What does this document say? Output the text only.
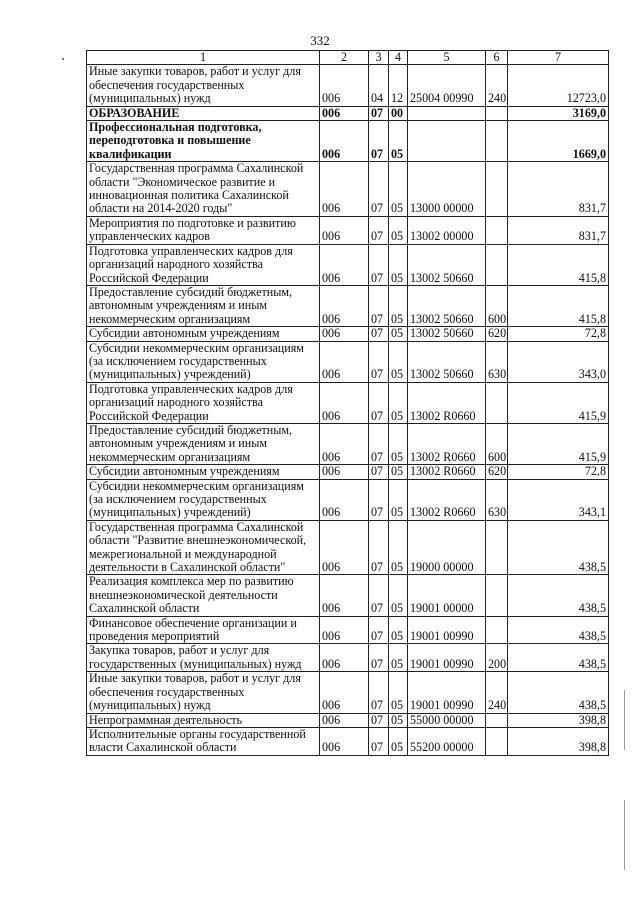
332
1	2	3	4	5	6	7
Иные закупки товаров, работ и услуг для обеспечения государственных (муниципальных) нужд	006	04	12	25004 00990	240	12723,0
ОБРАЗОВАНИЕ	006	07	00			3169,0
Профессиональная подготовка, переподготовка и повышение квалификации	006	07	05			1669,0
Государственная программа Сахалинской области "Экономическое развитие и инновационная политика Сахалинской области на 2014-2020 годы"	006	07	05	13000 00000		831,7
Мероприятия по подготовке и развитию управленческих кадров	006	07	05	13002 00000		831,7
Подготовка управленческих кадров для организаций народного хозяйства Российской Федерации	006	07	05	13002 50660		415,8
Предоставление субсидий бюджетным, автономным учреждениям и иным некоммерческим организациям	006	07	05	13002 50660	600	415,8
Субсидии автономным учреждениям	006	07	05	13002 50660	620	72,8
Субсидии некоммерческим организациям (за исключением государственных (муниципальных) учреждений)	006	07	05	13002 50660	630	343,0
Подготовка управленческих кадров для организаций народного хозяйства Российской Федерации	006	07	05	13002 R0660		415,9
Предоставление субсидий бюджетным, автономным учреждениям и иным некоммерческим организациям	006	07	05	13002 R0660	600	415,9
Субсидии автономным учреждениям	006	07	05	13002 R0660	620	72,8
Субсидии некоммерческим организациям (за исключением государственных (муниципальных) учреждений)	006	07	05	13002 R0660	630	343,1
Государственная программа Сахалинской области "Развитие внешнеэкономической, межрегиональной и международной деятельности в Сахалинской области"	006	07	05	19000 00000		438,5
Реализация комплекса мер по развитию внешнеэкономической деятельности Сахалинской области	006	07	05	19001 00000		438,5
Финансовое обеспечение организации и проведения мероприятий	006	07	05	19001 00990		438,5
Закупка товаров, работ и услуг для государственных (муниципальных) нужд	006	07	05	19001 00990	200	438,5
Иные закупки товаров, работ и услуг для обеспечения государственных (муниципальных) нужд	006	07	05	19001 00990	240	438,5
Непрограммная деятельность	006	07	05	55000 00000		398,8
Исполнительные органы государственной власти Сахалинской области	006	07	05	55200 00000		398,8
